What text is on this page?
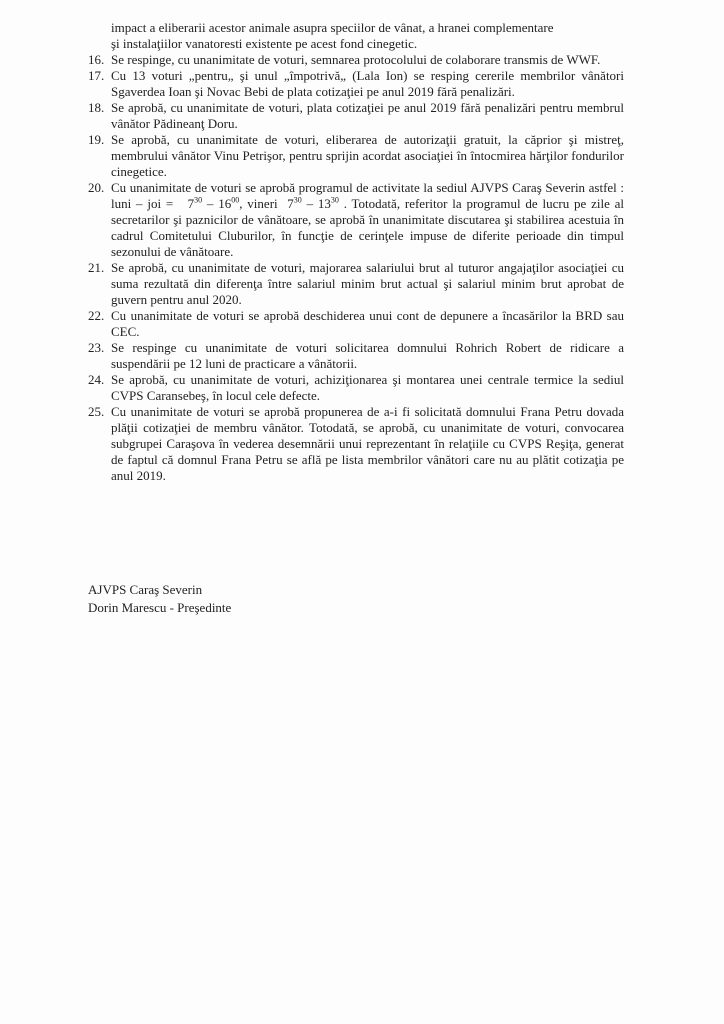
impact a eliberarii acestor animale asupra speciilor de vânat, a hranei complementare
şi instalaţiilor vanatoresti existente pe acest fond cinegetic.
16. Se respinge, cu unanimitate de voturi, semnarea protocolului de colaborare transmis de WWF.
17. Cu 13 voturi „pentru„ şi unul „împotrivă„ (Lala Ion) se resping cererile membrilor vânători Sgaverdea Ioan şi Novac Bebi de plata cotizaţiei pe anul 2019 fără penalizări.
18. Se aprobă, cu unanimitate de voturi, plata cotizaţiei pe anul 2019 fără penalizări pentru membrul vânător Pădineanţ Doru.
19. Se aprobă, cu unanimitate de voturi, eliberarea de autorizaţii gratuit, la căprior şi mistreţ, membrului vânător Vinu Petrişor, pentru sprijin acordat asociaţiei în întocmirea hărţilor fondurilor cinegetice.
20. Cu unanimitate de voturi se aprobă programul de activitate la sediul AJVPS Caraş Severin astfel : luni – joi = $7^{30} - 16^{00}$, vineri $7^{30} - 13^{30}$ . Totodată, referitor la programul de lucru pe zile al secretarilor şi paznicilor de vânătoare, se aprobă în unanimitate discutarea şi stabilirea acestuia în cadrul Comitetului Cluburilor, în funcţie de cerinţele impuse de diferite perioade din timpul sezonului de vânătoare.
21. Se aprobă, cu unanimitate de voturi, majorarea salariului brut al tuturor angajaţilor asociaţiei cu suma rezultată din diferenţa între salariul minim brut actual şi salariul minim brut aprobat de guvern pentru anul 2020.
22. Cu unanimitate de voturi se aprobă deschiderea unui cont de depunere a încasărilor la BRD sau CEC.
23. Se respinge cu unanimitate de voturi solicitarea domnului Rohrich Robert de ridicare a suspendării pe 12 luni de practicare a vânătorii.
24. Se aprobă, cu unanimitate de voturi, achiziţionarea şi montarea unei centrale termice la sediul CVPS Caransebeş, în locul cele defecte.
25. Cu unanimitate de voturi se aprobă propunerea de a-i fi solicitată domnului Frana Petru dovada plăţii cotizaţiei de membru vânător. Totodată, se aprobă, cu unanimitate de voturi, convocarea subgrupei Caraşova în vederea desemnării unui reprezentant în relaţiile cu CVPS Reşiţa, generat de faptul că domnul Frana Petru se află pe lista membrilor vânători care nu au plătit cotizaţia pe anul 2019.
AJVPS Caraş Severin
Dorin Marescu - Preşedinte
